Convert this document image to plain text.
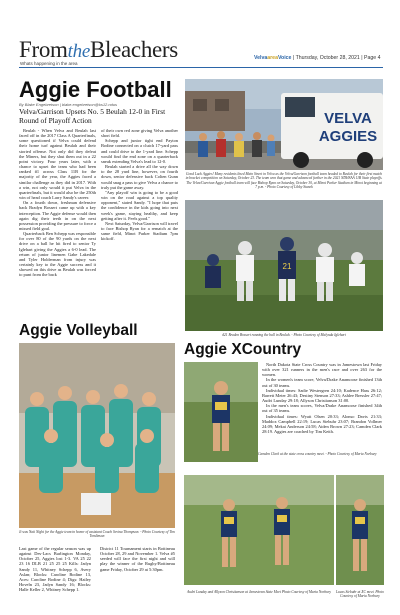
FromtheBleachers
Whats happening in the area
VelvaareaVoice | Thursday, October 28, 2021 | Page 4
Aggie Football
By Blake Engebretson | blake.engebretson@ks12.ndus
Velva/Garrison Upsets No. 5 Beulah 12-0 in First Round of Playoff Action

Beulah - When Velva and Beulah last faced off in the 2017 Class A Quarterfinals, some questioned if Velva could defend their home turf against Beulah and their storied offense. Not only did they defeat the Miners, but they shut them out in a 22 point victory. Four years later, with a chance to upset the team who had been ranked #1 across Class 11B for the majority of the year, the Aggies faced a similar challenge as they did in 2017. With a win, not only would it put Velva in the quarterfinals, but it would also be the 250th win of head coach Larry Sandy's career.

On a fourth down, freshman defensive back Bradyn Bossert came up with a key interception. The Aggie defense would then again dig their teeth in on the next possession providing the pressure to force a missed field goal.

Quarterback Ben Schepp was responsible for over 80 of the 90 yards on the next drive on a ball he hit fired to senior Ty Iglehart giving the Aggies a 6-0 lead. The return of junior linemen Gabe Lakedale and Tyler Holderman from injury was certainly key to the Aggie success and it showed on this drive as Beulah was forced to punt from the back

of their own red zone giving Velva another short field.

Schepp and junior tight end Payton Bodine connected on a clutch 17-yard pass and could drive to the 1-yard line. Schepp would find the end zone on a quarterback sneak extending Velva's lead to 12-0.

Beulah started a drive all the way down to the 28 yard line, however, on fourth down, senior defensive back Colten Gunn would snag a pass to give Velva a chance to truly put the game away.

"Any playoff win is going to be a good win on the road against a top quality opponent," stated Sandy. "I hope that puts the confidence in the kids going into next week's game, staying healthy, and keep getting after it. Feels good."

Next Saturday, Velva/Garrison will travel to face Bishop Ryan for a rematch at the same field, Minot Parker Stadium 7pm kickoff.

VELVA
AGGIES
Good Luck Aggies! Many residents lined Main Street in Velva as the Velva/Garrison football team headed to Beulah for their first match in bracket competition on Saturday, October 23. The team won that game and advanced further in the 2021 NDHSAA 11B State playoffs. The Velva/Garrison Aggie football team will face Bishop Ryan on Saturday, October 30, at Minot Parker Stadium in Minot beginning at 7 p.m. - Photo Courtesy of Libby Stanek
21
#21 Braden Bossert running the ball in Beulah. - Photo Courtesy of Malynda Iglehart
Aggie Volleyball
It was Nati Night for the Aggie team in honor of assistant Coach Sevina Thompson. - Photo Courtesy of Tim Tomlinson
Last game of the regular season was up against Des-Lacs Burlington Monday, October 25, Aggies lost 1-3. VA 25 22 23 16 DLB 21 25 25 25 Kills: Jadyn Sandy 11, Whitney Schepp 6, Avery Aslan; Blocks: Caroline Bodine 13, Aces: Caroline Bodine 4; Digs: Hailey Hoveln 23, Jadyn Sandy 16; Blocks: Halle Keller 2, Whitney Schepp 1.
District 11 Tournament starts in Bottineau October 28, 29 and November 1. Velva #5 seeded will face the first night and will play the winner of the Rugby/Bottineau game Friday, October 29 at 5:30pm.
Aggie XCountry

North Dakota State Cross Country was in Jamestown last Friday with over 321 runners in the men's race and over 263 for the women.

In the women's team score, Velva/Drake Anamoose finished 13th out of 30 teams.

Individual times: Sadie Westergren 24:10; Kadence Hass 26:12; Barrett Meier 26:43; Destiny Stenson 27:33; Ashlee Bressler 27:47; Audri Lunday 29:18; Allyson Christianson 31:00.

In the men's team scores, Velva/Drake Anamoose finished 34th out of 35 teams.

Individual times: Wyatt Olsen 20:33; Alonso Davis 21:33; Maddox Campbell 22:19; Lucas Siebuhr 23:07; Brandon Vollmer 24:09; Mekai Anderson 24:58; Aiden Brown 27:23; Camden Clark 28:19. Aggies are coached by Tim Keith.

Camden Clark at the state cross country meet. - Photo Courtesy of Maria Norbury
Audri Lunday and Allyson Christianson at Jamestown State Meet Photo Courtesy of Maria Norbury	Lucas Siebuhr at XC meet. Photo Courtesy of Maria Norbury
